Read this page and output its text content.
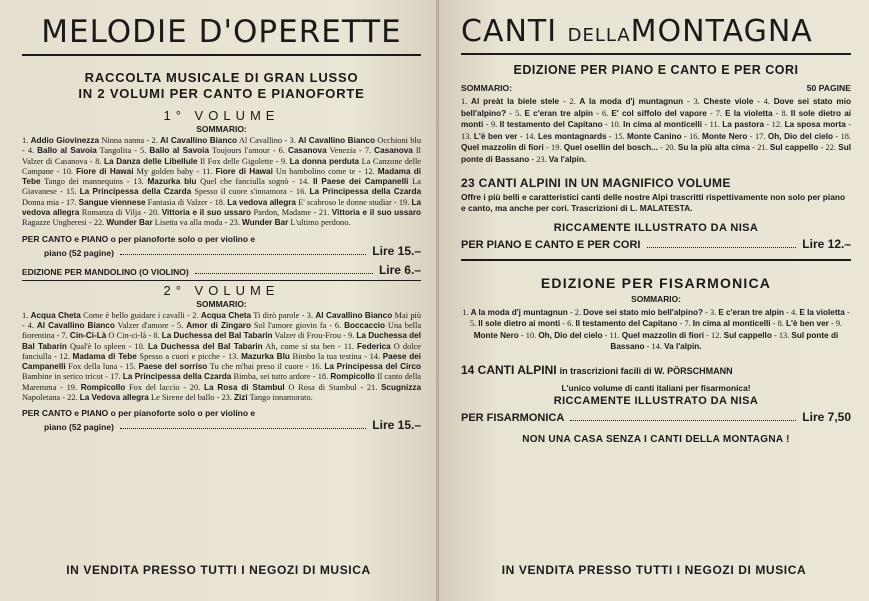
MELODIE D'OPERETTE
RACCOLTA MUSICALE DI GRAN LUSSO
IN 2 VOLUMI PER CANTO E PIANOFORTE
1° VOLUME
SOMMARIO:
1. Addio Giovinezza Ninna nanna - 2. Al Cavallino Bianco Al Cavallino - 3. Al Cavallino Bianco Occhioni blu - 4. Ballo al Savoia Tangolita - 5. Ballo al Savoia Toujours l'amour - 6. Casanova Venezia - 7. Casanova Il Valzer di Casanova - 8. La Danza delle Libellule Il Fox delle Gigolette - 9. La donna perduta La Canzone delle Campane - 10. Fiore di Hawai My golden baby - 11. Fiore di Hawai Un bambolino come te - 12. Madama di Tebe Tango dei mannequins - 13. Mazurka blu Quel che fanciulla sognò - 14. Il Paese dei Campanelli La Giavanese - 15. La Principessa della Czarda Spesso il cuore s'innamora - 16. La Principessa della Czarda Donna mia - 17. Sangue viennese Fantasia di Valzer - 18. La vedova allegra E' scabroso le donne studiar - 19. La vedova allegra Romanza di Vilja - 20. Vittoria e il suo ussaro Pardon, Madame - 21. Vittoria e il suo ussaro Ragazze Ungheresi - 22. Wunder Bar Lisetta va alla moda - 23. Wunder Bar L'ultimo perdono.
PER CANTO e PIANO o per pianoforte solo o per violino e
piano (52 pagine)	Lire 15.–
EDIZIONE PER MANDOLINO (O VIOLINO)	Lire 6.–
2° VOLUME
SOMMARIO:
1. Acqua Cheta Come è bello guidare i cavalli - 2. Acqua Cheta Ti dirò parole - 3. Al Cavallino Bianco Mai più - 4. Al Cavallino Bianco Valzer d'amore - 5. Amor di Zingaro Sol l'amore giovin fa - 6. Boccaccio Una bella fiorentina - 7. Cin-Ci-Là O Cin-ci-là - 8. La Duchessa del Bal Tabarin Valzer di Frou-Frou - 9. La Duchessa del Bal Tabarin Qual'è lo spleen - 10. La Duchessa del Bal Tabarin Ah, come si sta ben - 11. Federica O dolce fanciulla - 12. Madama di Tebe Spesso a cuori e picche - 13. Mazurka Blu Bimbo la tua testina - 14. Paese dei Campanelli Fox della luna - 15. Paese del sorriso Tu che m'hai preso il cuore - 16. La Principessa del Circo Bambine in serico tricot - 17. La Principessa della Czarda Bimba, sei tutto ardore - 18. Rompicollo Il canto della Maremma - 19. Rompicollo Fox del laccio - 20. La Rosa di Stambul O Rosa di Stambul - 21. Scugnizza Napoletana - 22. La Vedova allegra Le Sirene del ballo - 23. Zizì Tango innamorato.
PER CANTO e PIANO o per pianoforte solo o per violino e
piano (52 pagine)	Lire 15.–
IN VENDITA PRESSO TUTTI I NEGOZI DI MUSICA
CANTI DELLAMONTAGNA
EDIZIONE PER PIANO E CANTO E PER CORI
SOMMARIO:	50 PAGINE
1. Al preàt la biele stele - 2. A la moda d'j muntagnun - 3. Cheste viole - 4. Dove sei stato mio bell'alpino? - 5. E c'eran tre alpin - 6. E' col siffolo del vapore - 7. E la violetta - 8. Il sole dietro ai monti - 9. Il testamento del Capitano - 10. In cima al monticelli - 11. La pastora - 12. La sposa morta - 13. L'è ben ver - 14. Les montagnards - 15. Monte Canino - 16. Monte Nero - 17. Oh, Dio del cielo - 18. Quel mazzolin di fiori - 19. Quel osellin del bosch... - 20. Su la più alta cima - 21. Sul cappello - 22. Sul ponte di Bassano - 23. Va l'alpin.
23 CANTI ALPINI IN UN MAGNIFICO VOLUME
Offre i più belli e caratteristici canti delle nostre Alpi trascritti rispettivamente non solo per piano e canto, ma anche per cori. Trascrizioni di L. MALATESTA.
RICCAMENTE ILLUSTRATO DA NISA
PER PIANO E CANTO E PER CORI	Lire 12.–
EDIZIONE PER FISARMONICA
SOMMARIO:
1. A la moda d'j muntagnun - 2. Dove sei stato mio bell'alpino? - 3. E c'eran tre alpin - 4. E la violetta - 5. Il sole dietro ai monti - 6. Il testamento del Capitano - 7. In cima al monticelli - 8. L'è ben ver - 9. Monte Nero - 10. Oh, Dio del cielo - 11. Quel mazzolin di fiori - 12. Sul cappello - 13. Sul ponte di Bassano - 14. Va l'alpin.
14 CANTI ALPINI in trascrizioni facili di W. PÖRSCHMANN
L'unico volume di canti italiani per fisarmonica!
RICCAMENTE ILLUSTRATO DA NISA
PER FISARMONICA	Lire 7,50
NON UNA CASA SENZA I CANTI DELLA MONTAGNA !
IN VENDITA PRESSO TUTTI I NEGOZI DI MUSICA
